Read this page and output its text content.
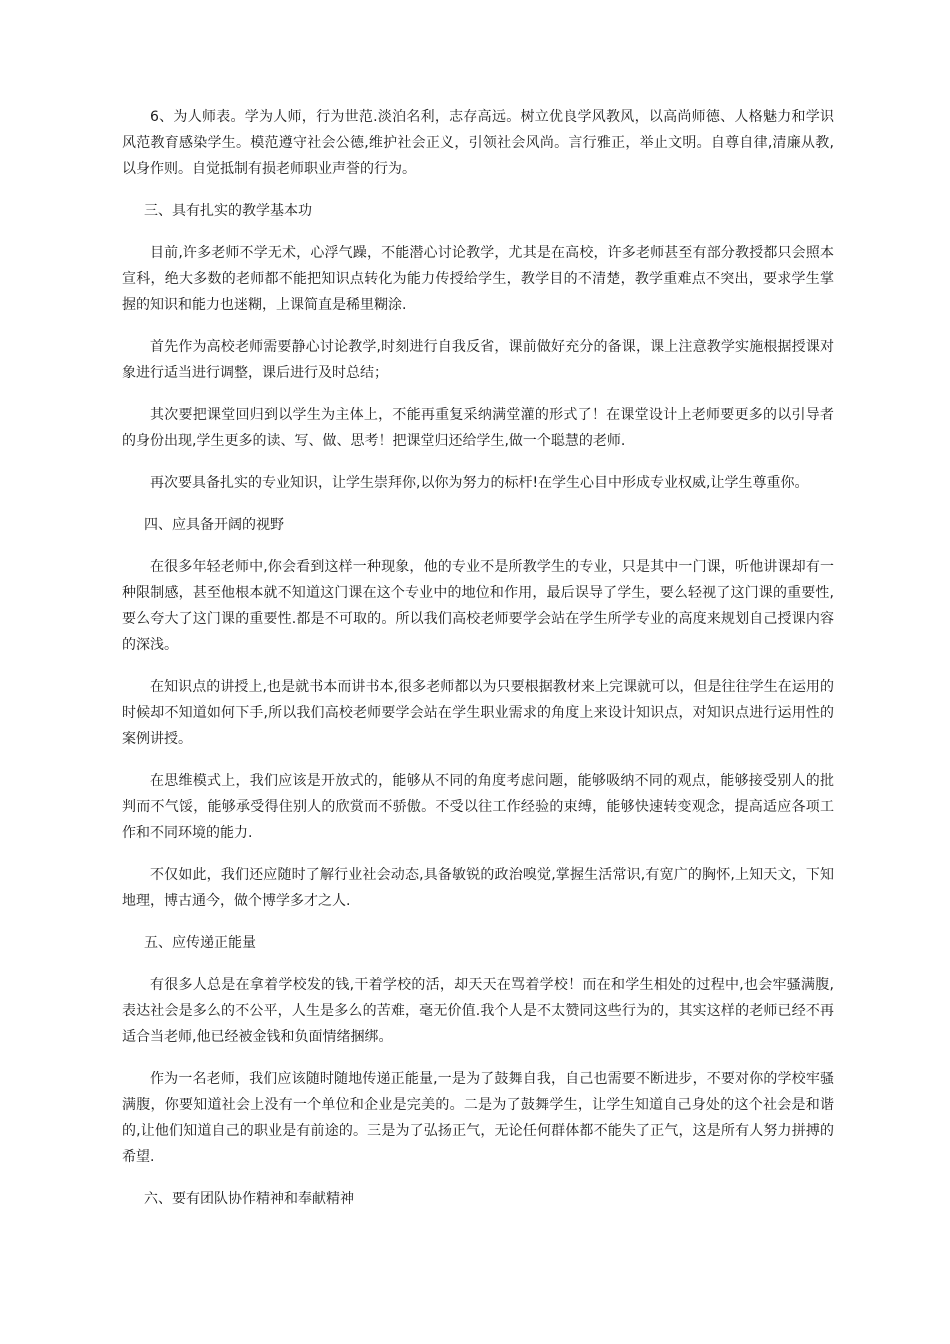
6、为人师表。学为人师，行为世范.淡泊名利，志存高远。树立优良学风教风，以高尚师德、人格魅力和学识风范教育感染学生。模范遵守社会公德,维护社会正义，引领社会风尚。言行雅正，举止文明。自尊自律,清廉从教,以身作则。自觉抵制有损老师职业声誉的行为。

三、具有扎实的教学基本功

目前,许多老师不学无术，心浮气躁，不能潜心讨论教学，尤其是在高校，许多老师甚至有部分教授都只会照本宣科，绝大多数的老师都不能把知识点转化为能力传授给学生，教学目的不清楚，教学重难点不突出，要求学生掌握的知识和能力也迷糊，上课简直是稀里糊涂.

首先作为高校老师需要静心讨论教学,时刻进行自我反省，课前做好充分的备课，课上注意教学实施根据授课对象进行适当进行调整，课后进行及时总结；

其次要把课堂回归到以学生为主体上，不能再重复采纳满堂灌的形式了！在课堂设计上老师要更多的以引导者的身份出现,学生更多的读、写、做、思考！把课堂归还给学生,做一个聪慧的老师.

再次要具备扎实的专业知识，让学生崇拜你,以你为努力的标杆!在学生心目中形成专业权威,让学生尊重你。

四、应具备开阔的视野

在很多年轻老师中,你会看到这样一种现象，他的专业不是所教学生的专业，只是其中一门课，听他讲课却有一种限制感，甚至他根本就不知道这门课在这个专业中的地位和作用，最后误导了学生，要么轻视了这门课的重要性,要么夸大了这门课的重要性.都是不可取的。所以我们高校老师要学会站在学生所学专业的高度来规划自己授课内容的深浅。

在知识点的讲授上,也是就书本而讲书本,很多老师都以为只要根据教材来上完课就可以，但是往往学生在运用的时候却不知道如何下手,所以我们高校老师要学会站在学生职业需求的角度上来设计知识点，对知识点进行运用性的案例讲授。

在思维模式上，我们应该是开放式的，能够从不同的角度考虑问题，能够吸纳不同的观点，能够接受别人的批判而不气馁，能够承受得住别人的欣赏而不骄傲。不受以往工作经验的束缚，能够快速转变观念，提高适应各项工作和不同环境的能力.

不仅如此，我们还应随时了解行业社会动态,具备敏锐的政治嗅觉,掌握生活常识,有宽广的胸怀,上知天文，下知地理，博古通今，做个博学多才之人.

五、应传递正能量

有很多人总是在拿着学校发的钱,干着学校的活，却天天在骂着学校！而在和学生相处的过程中,也会牢骚满腹,表达社会是多么的不公平，人生是多么的苦难，毫无价值.我个人是不太赞同这些行为的，其实这样的老师已经不再适合当老师,他已经被金钱和负面情绪捆绑。

作为一名老师，我们应该随时随地传递正能量,一是为了鼓舞自我，自己也需要不断进步，不要对你的学校牢骚满腹，你要知道社会上没有一个单位和企业是完美的。二是为了鼓舞学生，让学生知道自己身处的这个社会是和谐的,让他们知道自己的职业是有前途的。三是为了弘扬正气，无论任何群体都不能失了正气，这是所有人努力拼搏的希望.

六、要有团队协作精神和奉献精神
